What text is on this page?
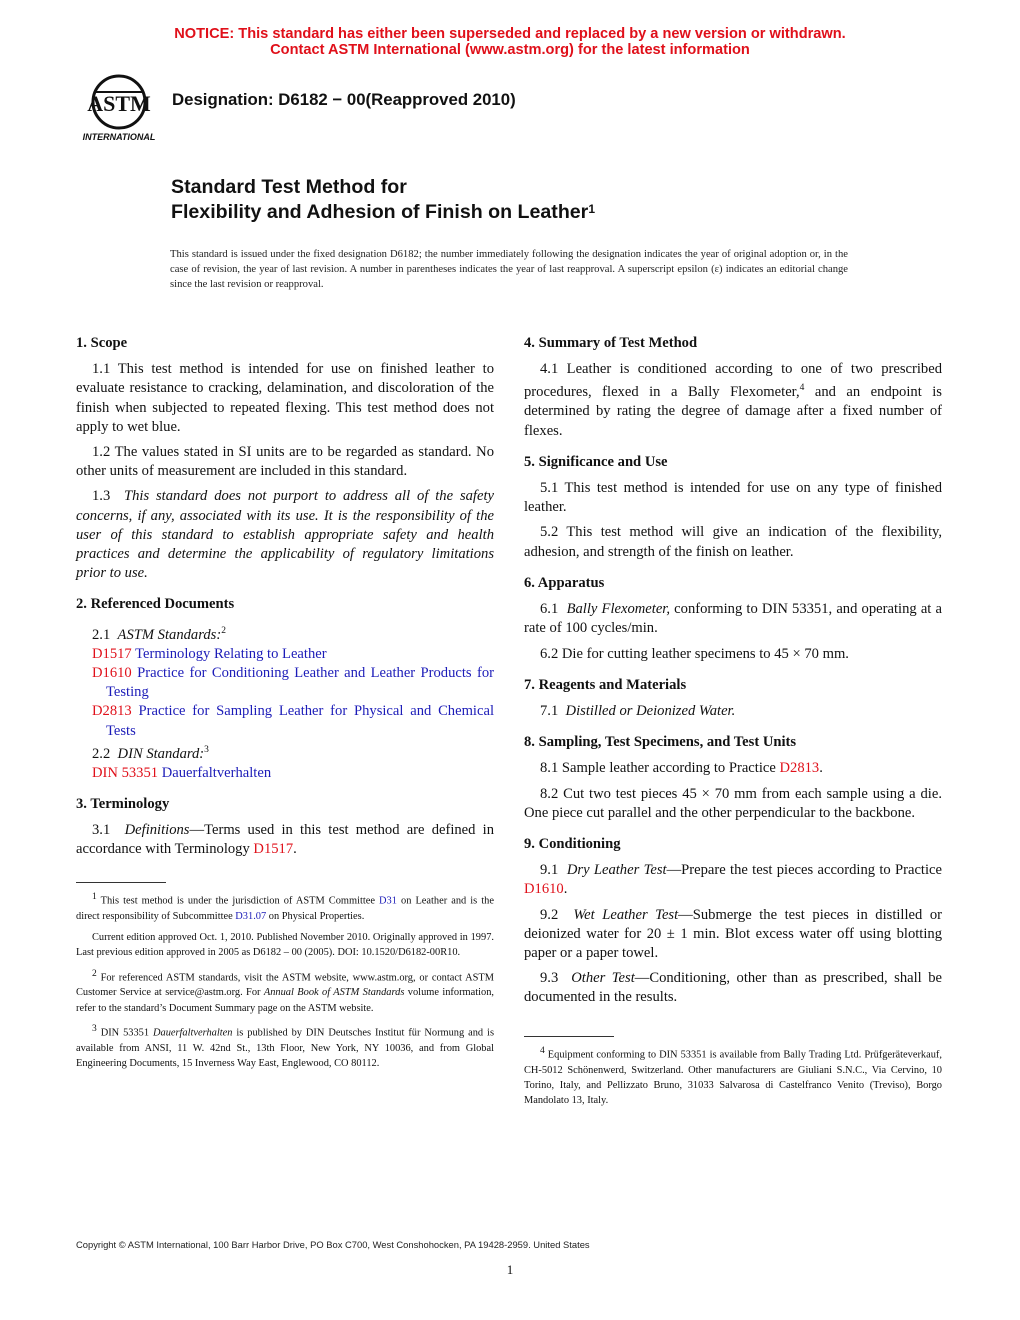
NOTICE: This standard has either been superseded and replaced by a new version or withdrawn.
Contact ASTM International (www.astm.org) for the latest information
ASTM
INTERNATIONAL
Designation: D6182 − 00(Reapproved 2010)
Standard Test Method for
Flexibility and Adhesion of Finish on Leather$^1$
This standard is issued under the fixed designation D6182; the number immediately following the designation indicates the year of original adoption or, in the case of revision, the year of last revision. A number in parentheses indicates the year of last reapproval. A superscript epsilon (ε) indicates an editorial change since the last revision or reapproval.
1. Scope

1.1 This test method is intended for use on finished leather to evaluate resistance to cracking, delamination, and discoloration of the finish when subjected to repeated flexing. This test method does not apply to wet blue.

1.2 The values stated in SI units are to be regarded as standard. No other units of measurement are included in this standard.

1.3 This standard does not purport to address all of the safety concerns, if any, associated with its use. It is the responsibility of the user of this standard to establish appropriate safety and health practices and determine the applicability of regulatory limitations prior to use.

2. Referenced Documents
2.1 ASTM Standards:$^2$
D1517 Terminology Relating to Leather
D1610 Practice for Conditioning Leather and Leather Products for Testing
D2813 Practice for Sampling Leather for Physical and Chemical Tests
2.2 DIN Standard:$^3$
DIN 53351 Dauerfaltverhalten
3. Terminology

3.1 Definitions—Terms used in this test method are defined in accordance with Terminology D1517.

$^1$ This test method is under the jurisdiction of ASTM Committee D31 on Leather and is the direct responsibility of Subcommittee D31.07 on Physical Properties.

Current edition approved Oct. 1, 2010. Published November 2010. Originally approved in 1997. Last previous edition approved in 2005 as D6182 – 00 (2005). DOI: 10.1520/D6182-00R10.

$^2$ For referenced ASTM standards, visit the ASTM website, www.astm.org, or contact ASTM Customer Service at service@astm.org. For Annual Book of ASTM Standards volume information, refer to the standard’s Document Summary page on the ASTM website.

$^3$ DIN 53351 Dauerfaltverhalten is published by DIN Deutsches Institut für Normung and is available from ANSI, 11 W. 42nd St., 13th Floor, New York, NY 10036, and from Global Engineering Documents, 15 Inverness Way East, Englewood, CO 80112.

4. Summary of Test Method

4.1 Leather is conditioned according to one of two prescribed procedures, flexed in a Bally Flexometer,$^4$ and an endpoint is determined by rating the degree of damage after a fixed number of flexes.

5. Significance and Use

5.1 This test method is intended for use on any type of finished leather.

5.2 This test method will give an indication of the flexibility, adhesion, and strength of the finish on leather.

6. Apparatus

6.1 Bally Flexometer, conforming to DIN 53351, and operating at a rate of 100 cycles/min.

6.2 Die for cutting leather specimens to 45 × 70 mm.

7. Reagents and Materials

7.1 Distilled or Deionized Water.

8. Sampling, Test Specimens, and Test Units

8.1 Sample leather according to Practice D2813.

8.2 Cut two test pieces 45 × 70 mm from each sample using a die. One piece cut parallel and the other perpendicular to the backbone.

9. Conditioning

9.1 Dry Leather Test—Prepare the test pieces according to Practice D1610.

9.2 Wet Leather Test—Submerge the test pieces in distilled or deionized water for 20 ± 1 min. Blot excess water off using blotting paper or a paper towel.

9.3 Other Test—Conditioning, other than as prescribed, shall be documented in the results.

$^4$ Equipment conforming to DIN 53351 is available from Bally Trading Ltd. Prüfgeräteverkauf, CH-5012 Schönenwerd, Switzerland. Other manufacturers are Giuliani S.N.C., Via Cervino, 10 Torino, Italy, and Pellizzato Bruno, 31033 Salvarosa di Castelfranco Venito (Treviso), Borgo Mandolato 13, Italy.

Copyright © ASTM International, 100 Barr Harbor Drive, PO Box C700, West Conshohocken, PA 19428-2959. United States
1
